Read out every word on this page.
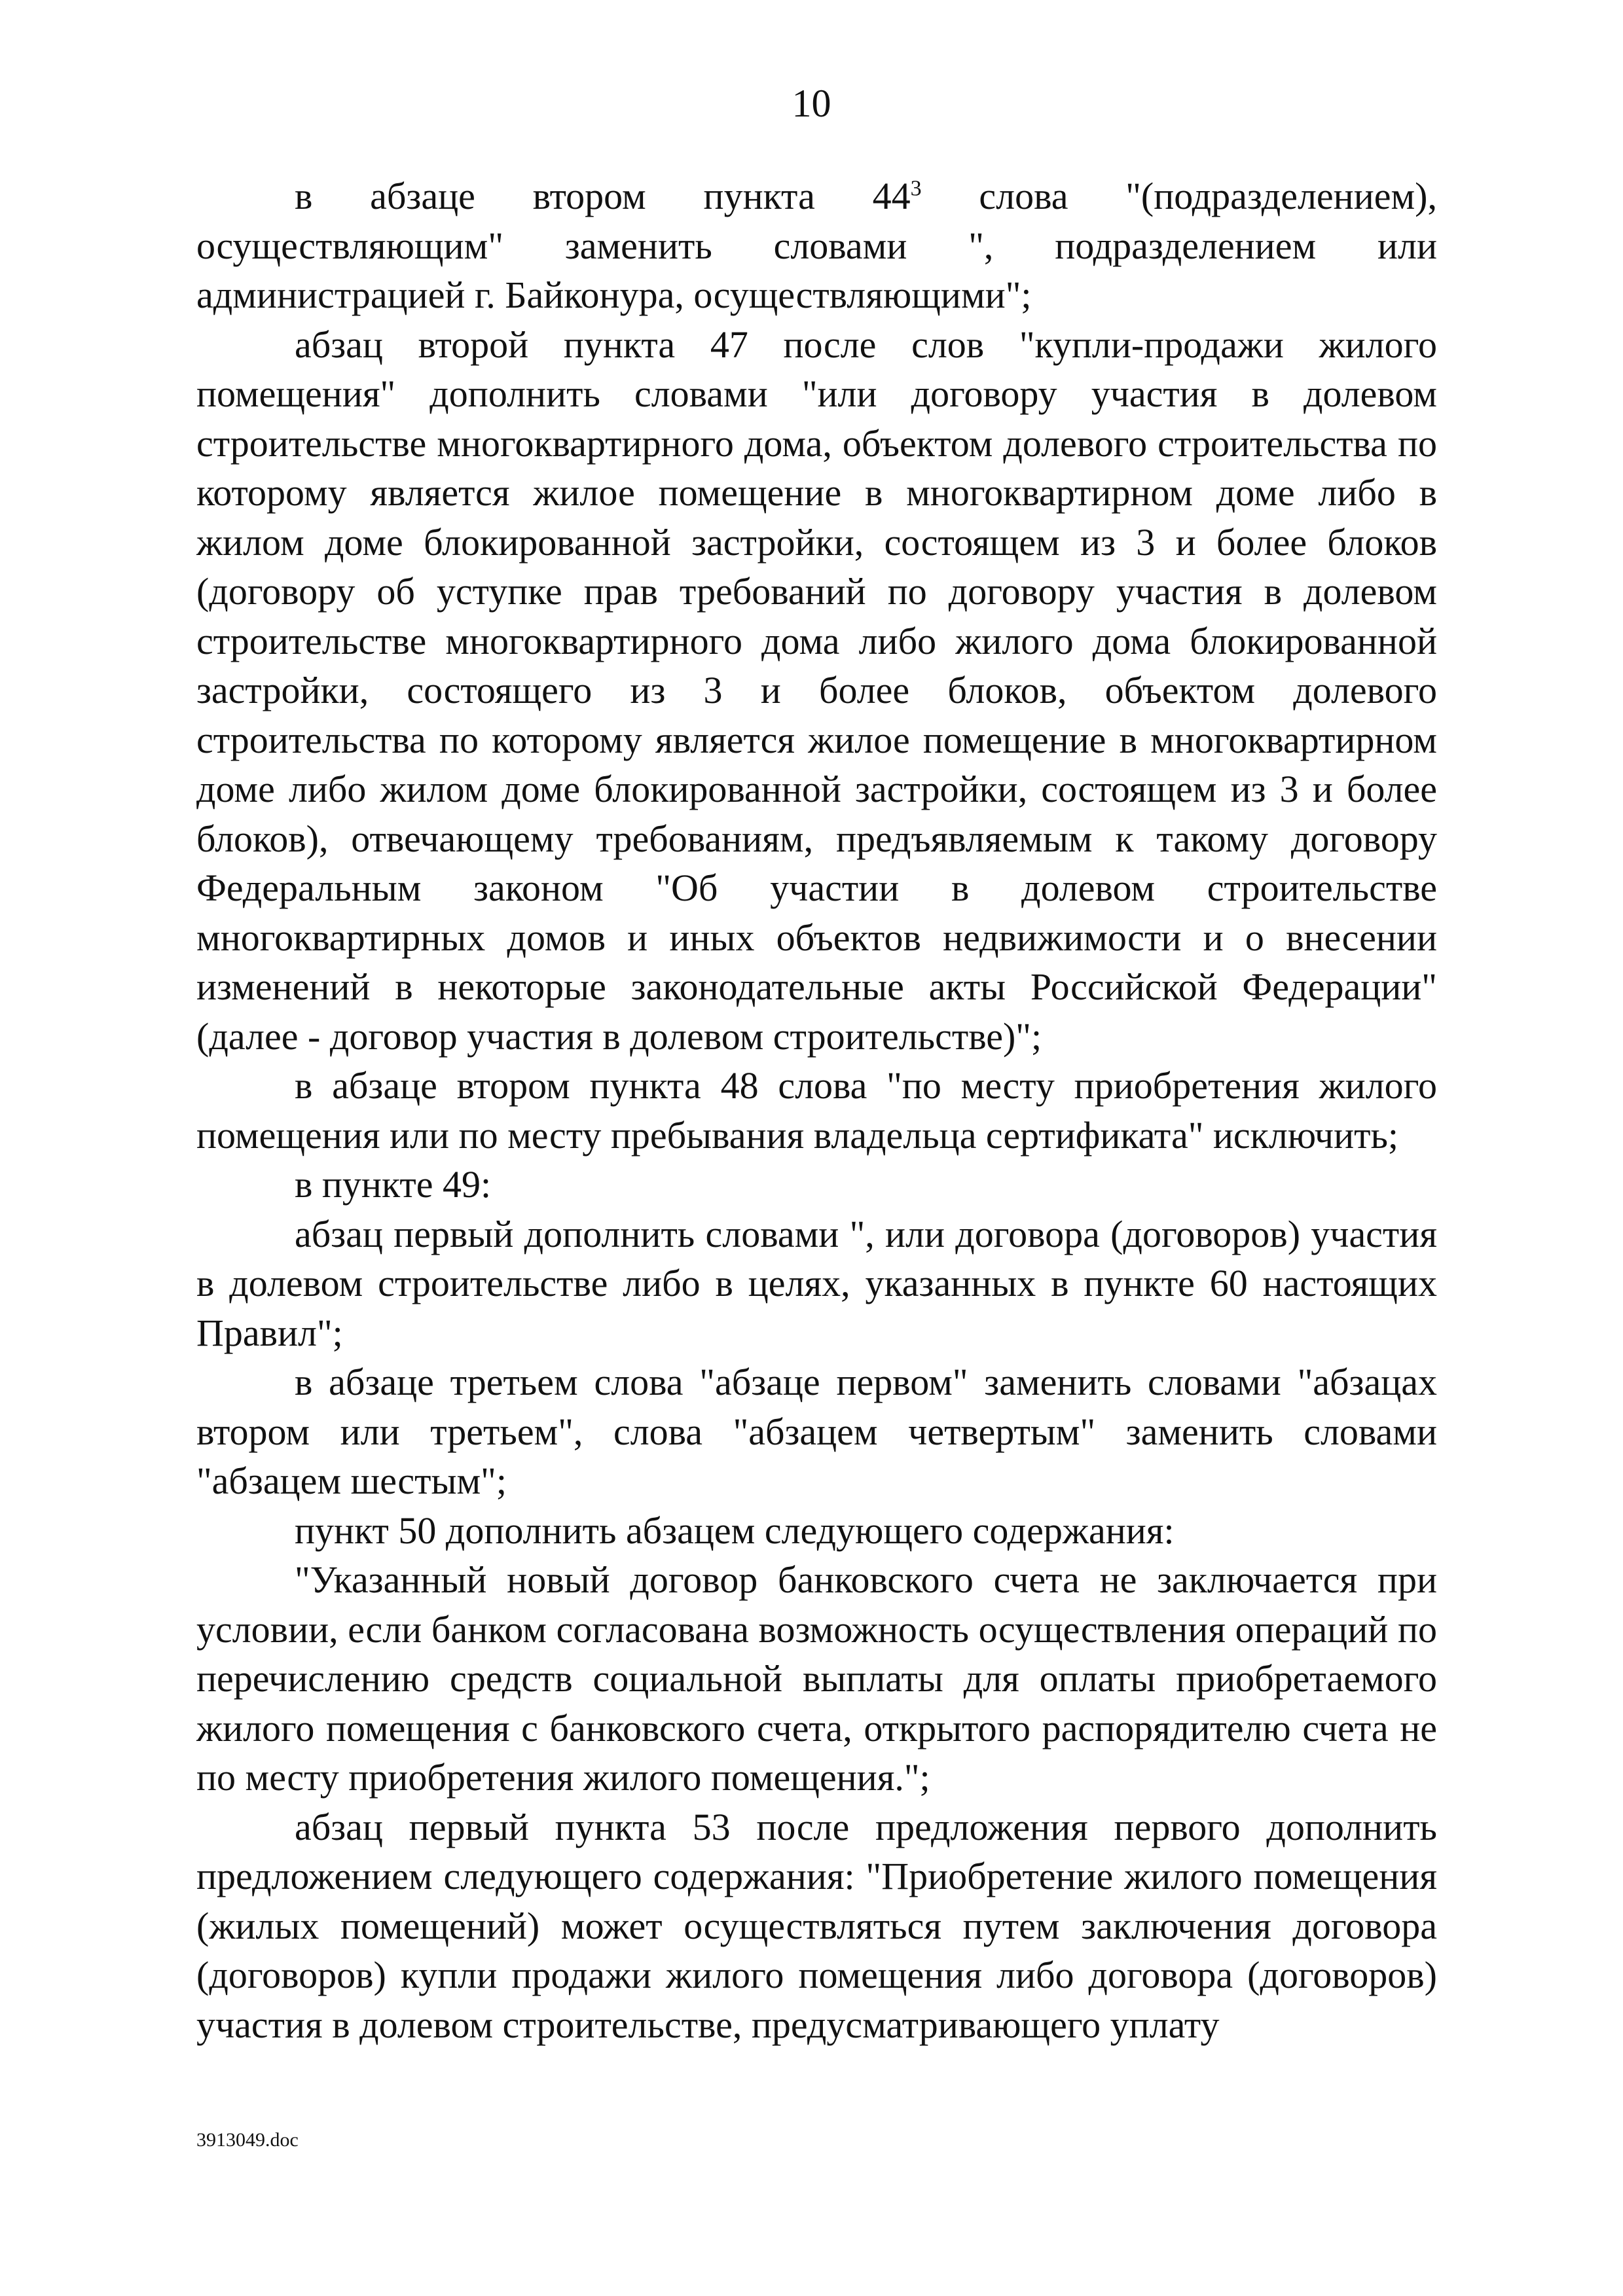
10

в абзаце втором пункта $44^3$ слова "(подразделением), осуществляющим" заменить словами ", подразделением или администрацией г. Байконура, осуществляющими";

абзац второй пункта 47 после слов "купли-продажи жилого помещения" дополнить словами "или договору участия в долевом строительстве многоквартирного дома, объектом долевого строительства по которому является жилое помещение в многоквартирном доме либо в жилом доме блокированной застройки, состоящем из 3 и более блоков (договору об уступке прав требований по договору участия в долевом строительстве многоквартирного дома либо жилого дома блокированной застройки, состоящего из 3 и более блоков, объектом долевого строительства по которому является жилое помещение в многоквартирном доме либо жилом доме блокированной застройки, состоящем из 3 и более блоков), отвечающему требованиям, предъявляемым к такому договору Федеральным законом "Об участии в долевом строительстве многоквартирных домов и иных объектов недвижимости и о внесении изменений в некоторые законодательные акты Российской Федерации" (далее - договор участия в долевом строительстве)";

в абзаце втором пункта 48 слова "по месту приобретения жилого помещения или по месту пребывания владельца сертификата" исключить;

в пункте 49:

абзац первый дополнить словами ", или договора (договоров) участия в долевом строительстве либо в целях, указанных в пункте 60 настоящих Правил";

в абзаце третьем слова "абзаце первом" заменить словами "абзацах втором или третьем", слова "абзацем четвертым" заменить словами "абзацем шестым";

пункт 50 дополнить абзацем следующего содержания:

"Указанный новый договор банковского счета не заключается при условии, если банком согласована возможность осуществления операций по перечислению средств социальной выплаты для оплаты приобретаемого жилого помещения с банковского счета, открытого распорядителю счета не по месту приобретения жилого помещения.";

абзац первый пункта 53 после предложения первого дополнить предложением следующего содержания: "Приобретение жилого помещения (жилых помещений) может осуществляться путем заключения договора (договоров) купли продажи жилого помещения либо договора (договоров) участия в долевом строительстве, предусматривающего уплату

3913049.doc
